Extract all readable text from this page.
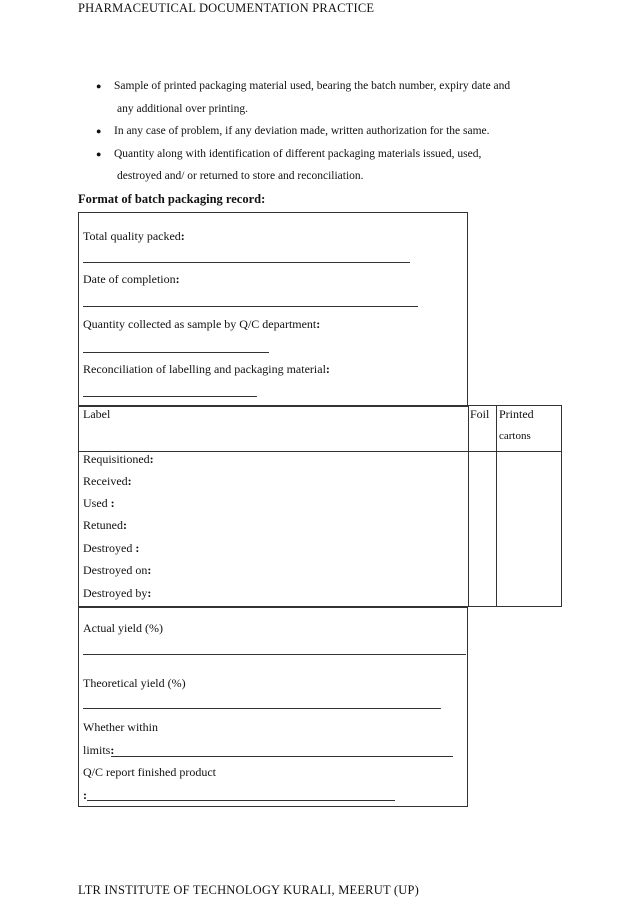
PHARMACEUTICAL DOCUMENTATION PRACTICE
● Sample of printed packaging material used, bearing the batch number, expiry date and
any additional over printing.
● In any case of problem, if any deviation made, written authorization for the same.
● Quantity along with identification of different packaging materials issued, used,
destroyed and/ or returned to store and reconciliation.
Format of batch packaging record:
Total quality packed:
Date of completion:
Quantity collected as sample by Q/C department:
Reconciliation of labelling and packaging material:
Label	Foil Printed
cartons
Requisitioned:
Received:
Used :
Retuned:
Destroyed :
Destroyed on:
Destroyed by:
Actual yield (%)
Theoretical yield (%)
Whether within
limits:
Q/C report finished product
:
LTR INSTITUTE OF TECHNOLOGY KURALI, MEERUT (UP)
